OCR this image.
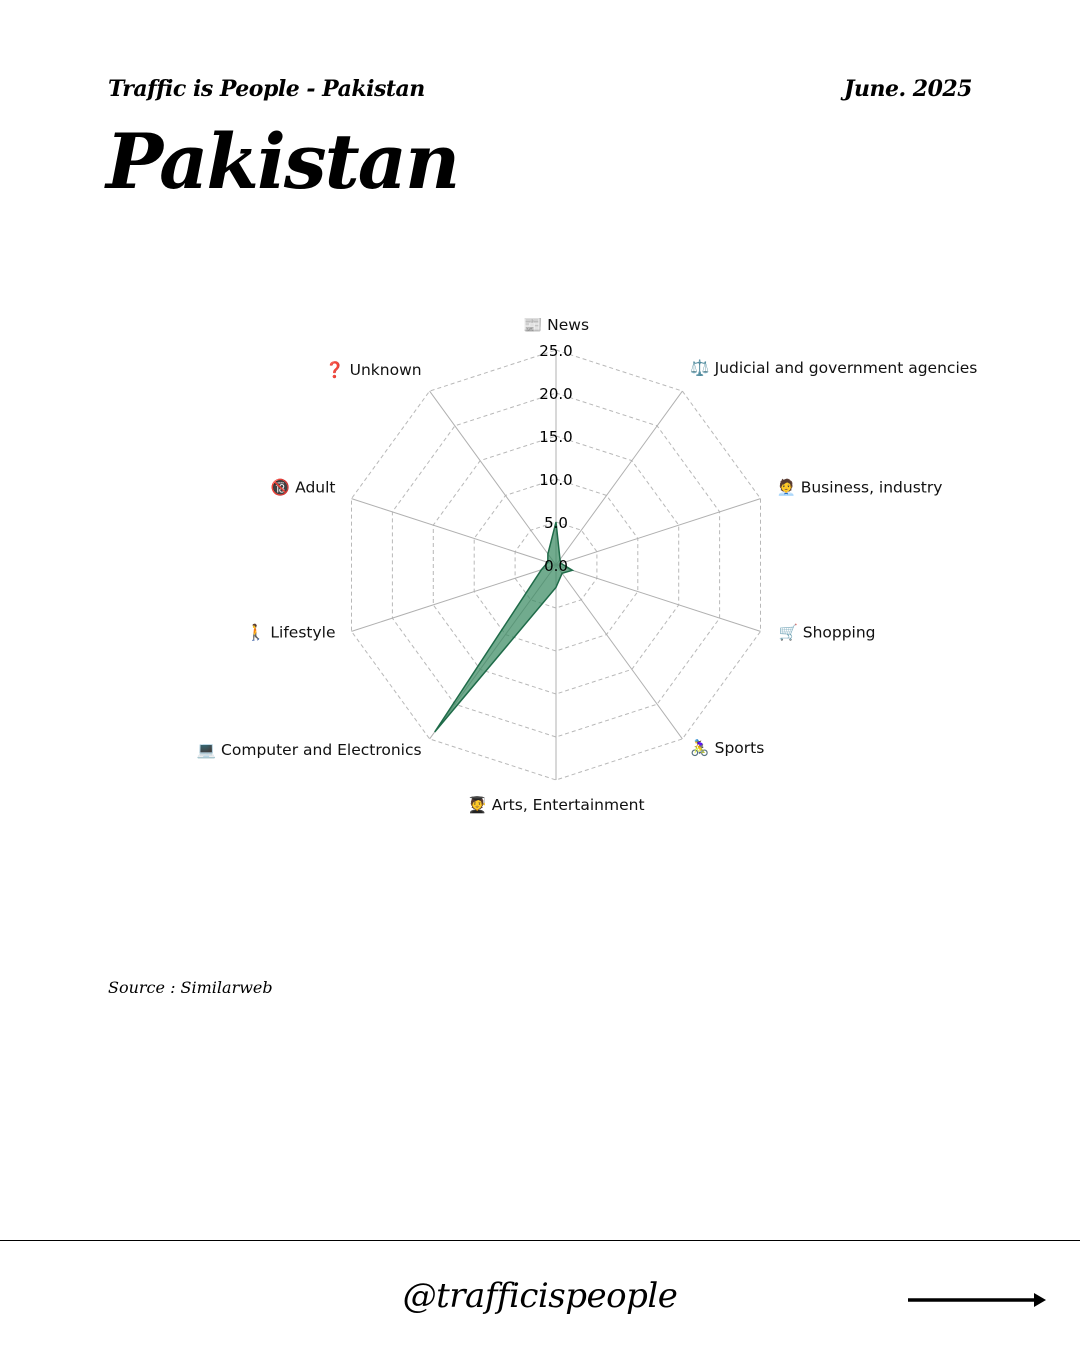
Traffic is People - Pakistan	June. 2025
Pakistan
0.0
5.0
10.0
15.0
20.0
25.0
📰 News
⚖️ Judicial and government agencies
🧑‍💼 Business, industry
🛒 Shopping
🚴‍♀️ Sports
🧑‍🎓 Arts, Entertainment
💻 Computer and Electronics
🚶 Lifestyle
🔞 Adult
❓ Unknown
Source : Similarweb
@trafficispeople
